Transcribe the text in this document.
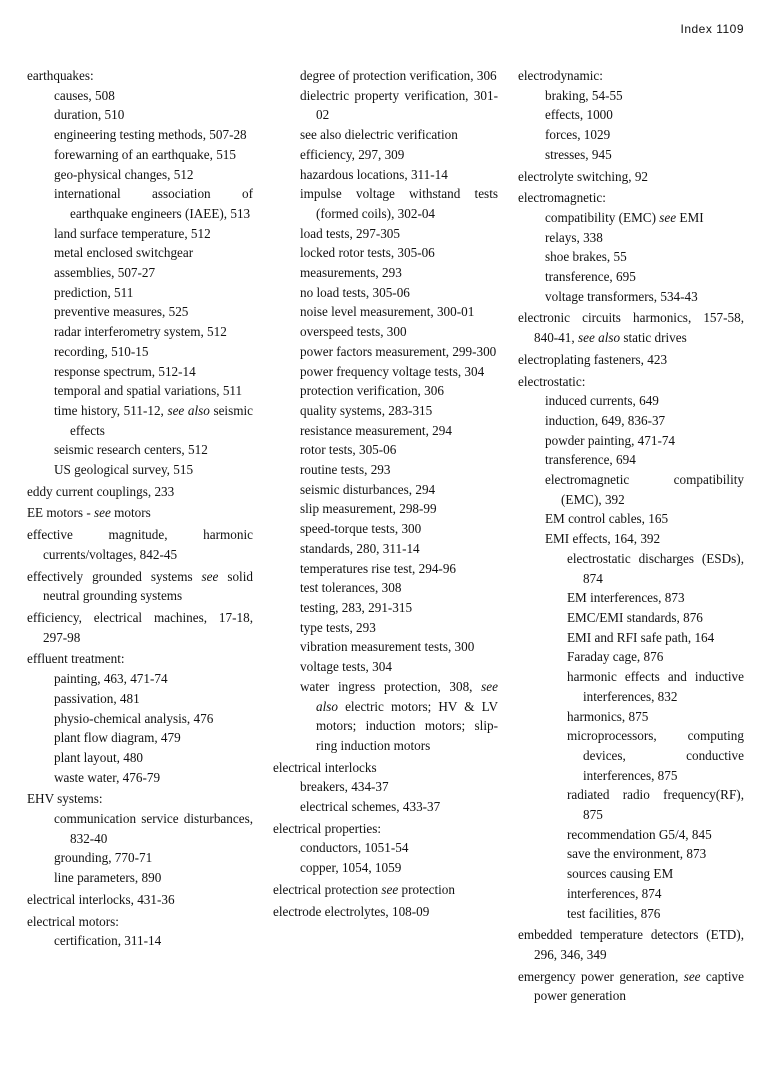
Index 1109
earthquakes:
causes, 508
duration, 510
engineering testing methods, 507-28
forewarning of an earthquake, 515
geo-physical changes, 512
international association of earthquake engineers (IAEE), 513
land surface temperature, 512
metal enclosed switchgear
assemblies, 507-27
prediction, 511
preventive measures, 525
radar interferometry system, 512
recording, 510-15
response spectrum, 512-14
temporal and spatial variations, 511
time history, 511-12, see also seismic effects
seismic research centers, 512
US geological survey, 515
eddy current couplings, 233
EE motors - see motors
effective magnitude, harmonic currents/voltages, 842-45
effectively grounded systems see solid neutral grounding systems
efficiency, electrical machines, 17-18, 297-98
effluent treatment:
painting, 463, 471-74
passivation, 481
physio-chemical analysis, 476
plant flow diagram, 479
plant layout, 480
waste water, 476-79
EHV systems:
communication service disturbances, 832-40
grounding, 770-71
line parameters, 890
electrical interlocks, 431-36
electrical motors:
certification, 311-14
degree of protection verification, 306
dielectric property verification, 301-02
see also dielectric verification
efficiency, 297, 309
hazardous locations, 311-14
impulse voltage withstand tests (formed coils), 302-04
load tests, 297-305
locked rotor tests, 305-06
measurements, 293
no load tests, 305-06
noise level measurement, 300-01
overspeed tests, 300
power factors measurement, 299-300
power frequency voltage tests, 304
protection verification, 306
quality systems, 283-315
resistance measurement, 294
rotor tests, 305-06
routine tests, 293
seismic disturbances, 294
slip measurement, 298-99
speed-torque tests, 300
standards, 280, 311-14
temperatures rise test, 294-96
test tolerances, 308
testing, 283, 291-315
type tests, 293
vibration measurement tests, 300
voltage tests, 304
water ingress protection, 308, see also electric motors; HV & LV motors; induction motors; slip-ring induction motors
electrical interlocks
breakers, 434-37
electrical schemes, 433-37
electrical properties:
conductors, 1051-54
copper, 1054, 1059
electrical protection see protection
electrode electrolytes, 108-09
electrodynamic:
braking, 54-55
effects, 1000
forces, 1029
stresses, 945
electrolyte switching, 92
electromagnetic:
compatibility (EMC) see EMI
relays, 338
shoe brakes, 55
transference, 695
voltage transformers, 534-43
electronic circuits harmonics, 157-58, 840-41, see also static drives
electroplating fasteners, 423
electrostatic:
induced currents, 649
induction, 649, 836-37
powder painting, 471-74
transference, 694
electromagnetic compatibility (EMC), 392
EM control cables, 165
EMI effects, 164, 392
electrostatic discharges (ESDs), 874
EM interferences, 873
EMC/EMI standards, 876
EMI and RFI safe path, 164
Faraday cage, 876
harmonic effects and inductive interferences, 832
harmonics, 875
microprocessors, computing devices, conductive interferences, 875
radiated radio frequency(RF), 875
recommendation G5/4, 845
save the environment, 873
sources causing EM
interferences, 874
test facilities, 876
embedded temperature detectors (ETD), 296, 346, 349
emergency power generation, see captive power generation
